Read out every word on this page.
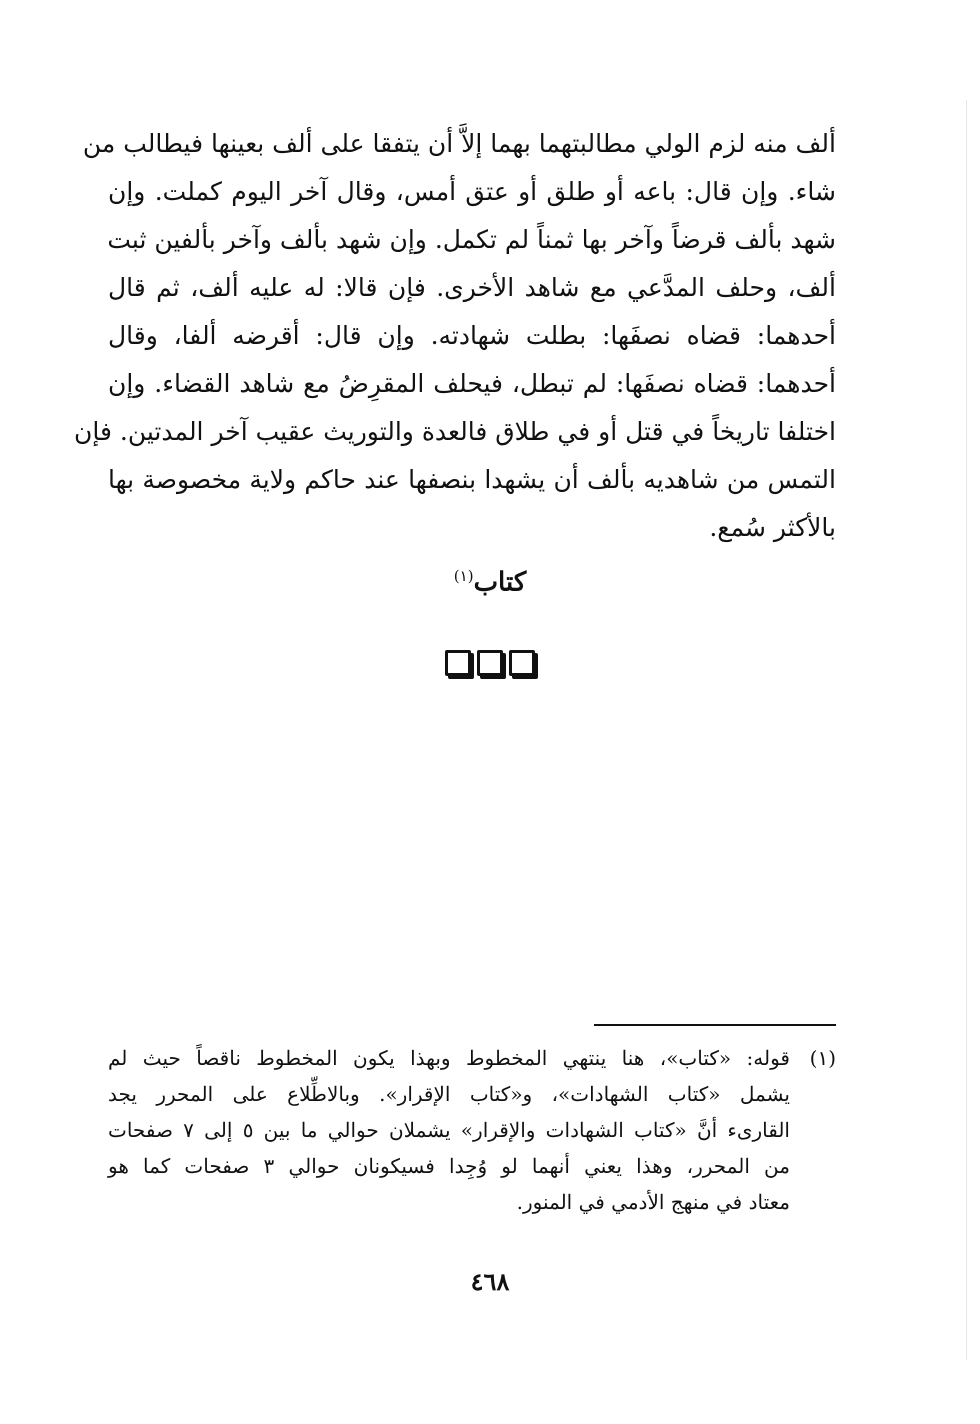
ألف منه لزم الولي مطالبتهما بهما إلاَّ أن يتفقا على ألف بعينها فيطالب من
شاء. وإن قال: باعه أو طلق أو عتق أمس، وقال آخر اليوم كملت. وإن
شهد بألف قرضاً وآخر بها ثمناً لم تكمل. وإن شهد بألف وآخر بألفين ثبت
ألف، وحلف المدَّعي مع شاهد الأخرى. فإن قالا: له عليه ألف، ثم قال
أحدهما: قضاه نصفَها: بطلت شهادته. وإن قال: أقرضه ألفا، وقال
أحدهما: قضاه نصفَها: لم تبطل، فيحلف المقرِضُ مع شاهد القضاء. وإن
اختلفا تاريخاً في قتل أو في طلاق فالعدة والتوريث عقيب آخر المدتين. فإن
التمس من شاهديه بألف أن يشهدا بنصفها عند حاكم ولاية مخصوصة بها
بالأكثر سُمع.
كتاب$^{(١)}$
(١)
قوله: «كتاب»، هنا ينتهي المخطوط وبهذا يكون المخطوط ناقصاً حيث لم
يشمل «كتاب الشهادات»، و«كتاب الإقرار». وبالاطِّلاع على المحرر يجد
القارىء أنَّ «كتاب الشهادات والإقرار» يشملان حوالي ما بين ٥ إلى ٧ صفحات
من المحرر، وهذا يعني أنهما لو وُجِدا فسيكونان حوالي ٣ صفحات كما هو
معتاد في منهج الأدمي في المنور.
٤٦٨
